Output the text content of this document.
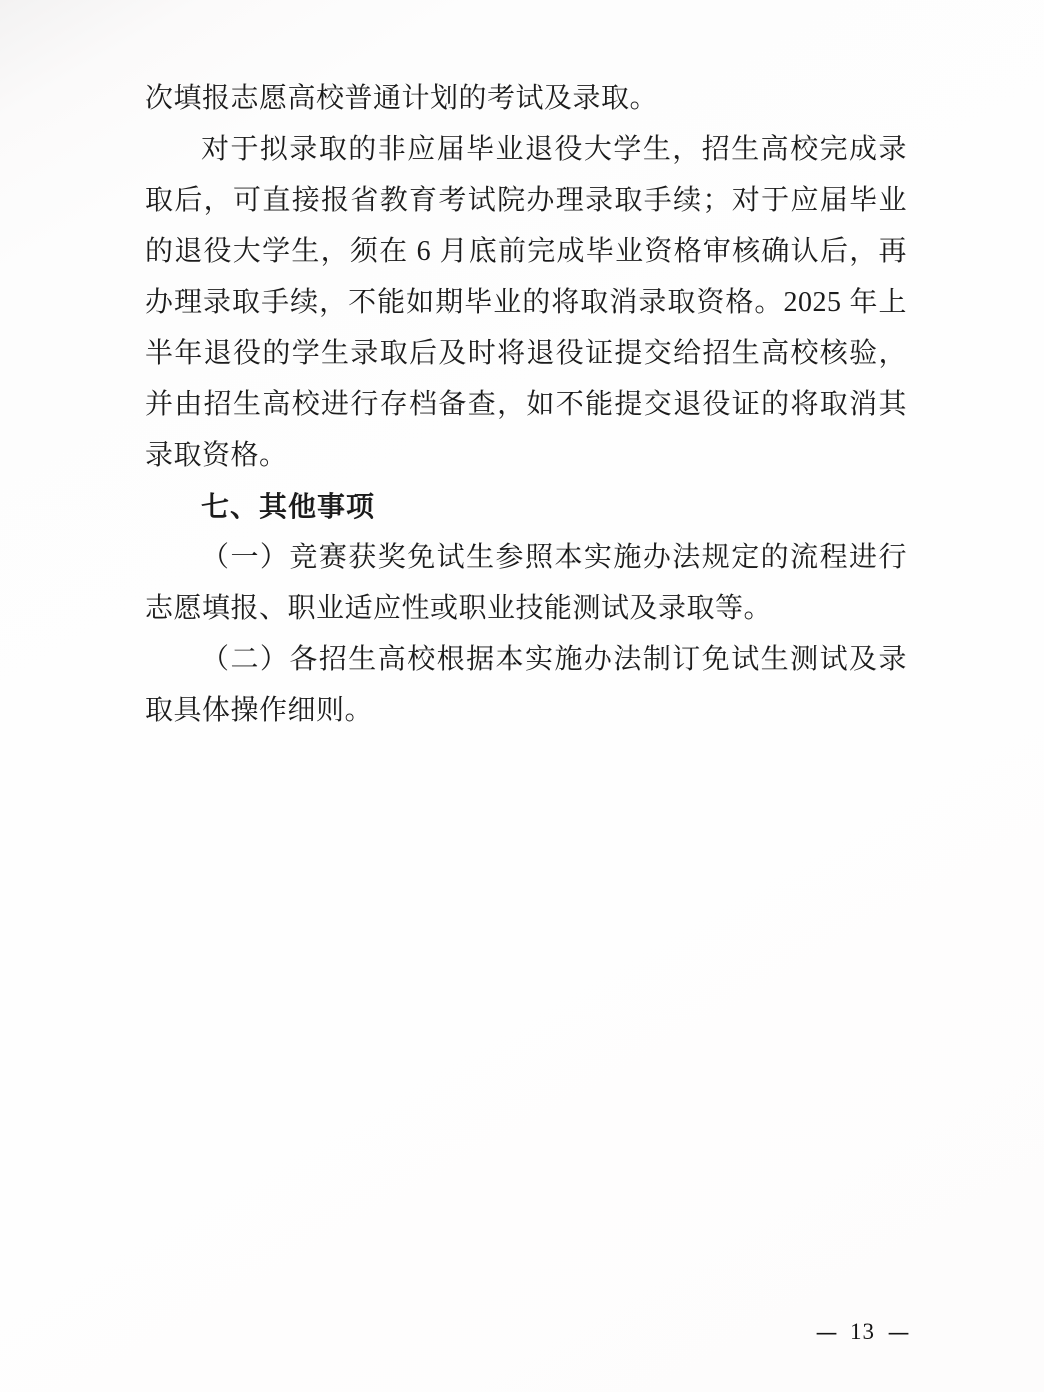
次填报志愿高校普通计划的考试及录取。

对于拟录取的非应届毕业退役大学生，招生高校完成录取后，可直接报省教育考试院办理录取手续；对于应届毕业的退役大学生，须在 6 月底前完成毕业资格审核确认后，再办理录取手续，不能如期毕业的将取消录取资格。2025 年上半年退役的学生录取后及时将退役证提交给招生高校核验，并由招生高校进行存档备查，如不能提交退役证的将取消其录取资格。

七、其他事项

（一）竞赛获奖免试生参照本实施办法规定的流程进行志愿填报、职业适应性或职业技能测试及录取等。

（二）各招生高校根据本实施办法制订免试生测试及录取具体操作细则。

— 13 —
